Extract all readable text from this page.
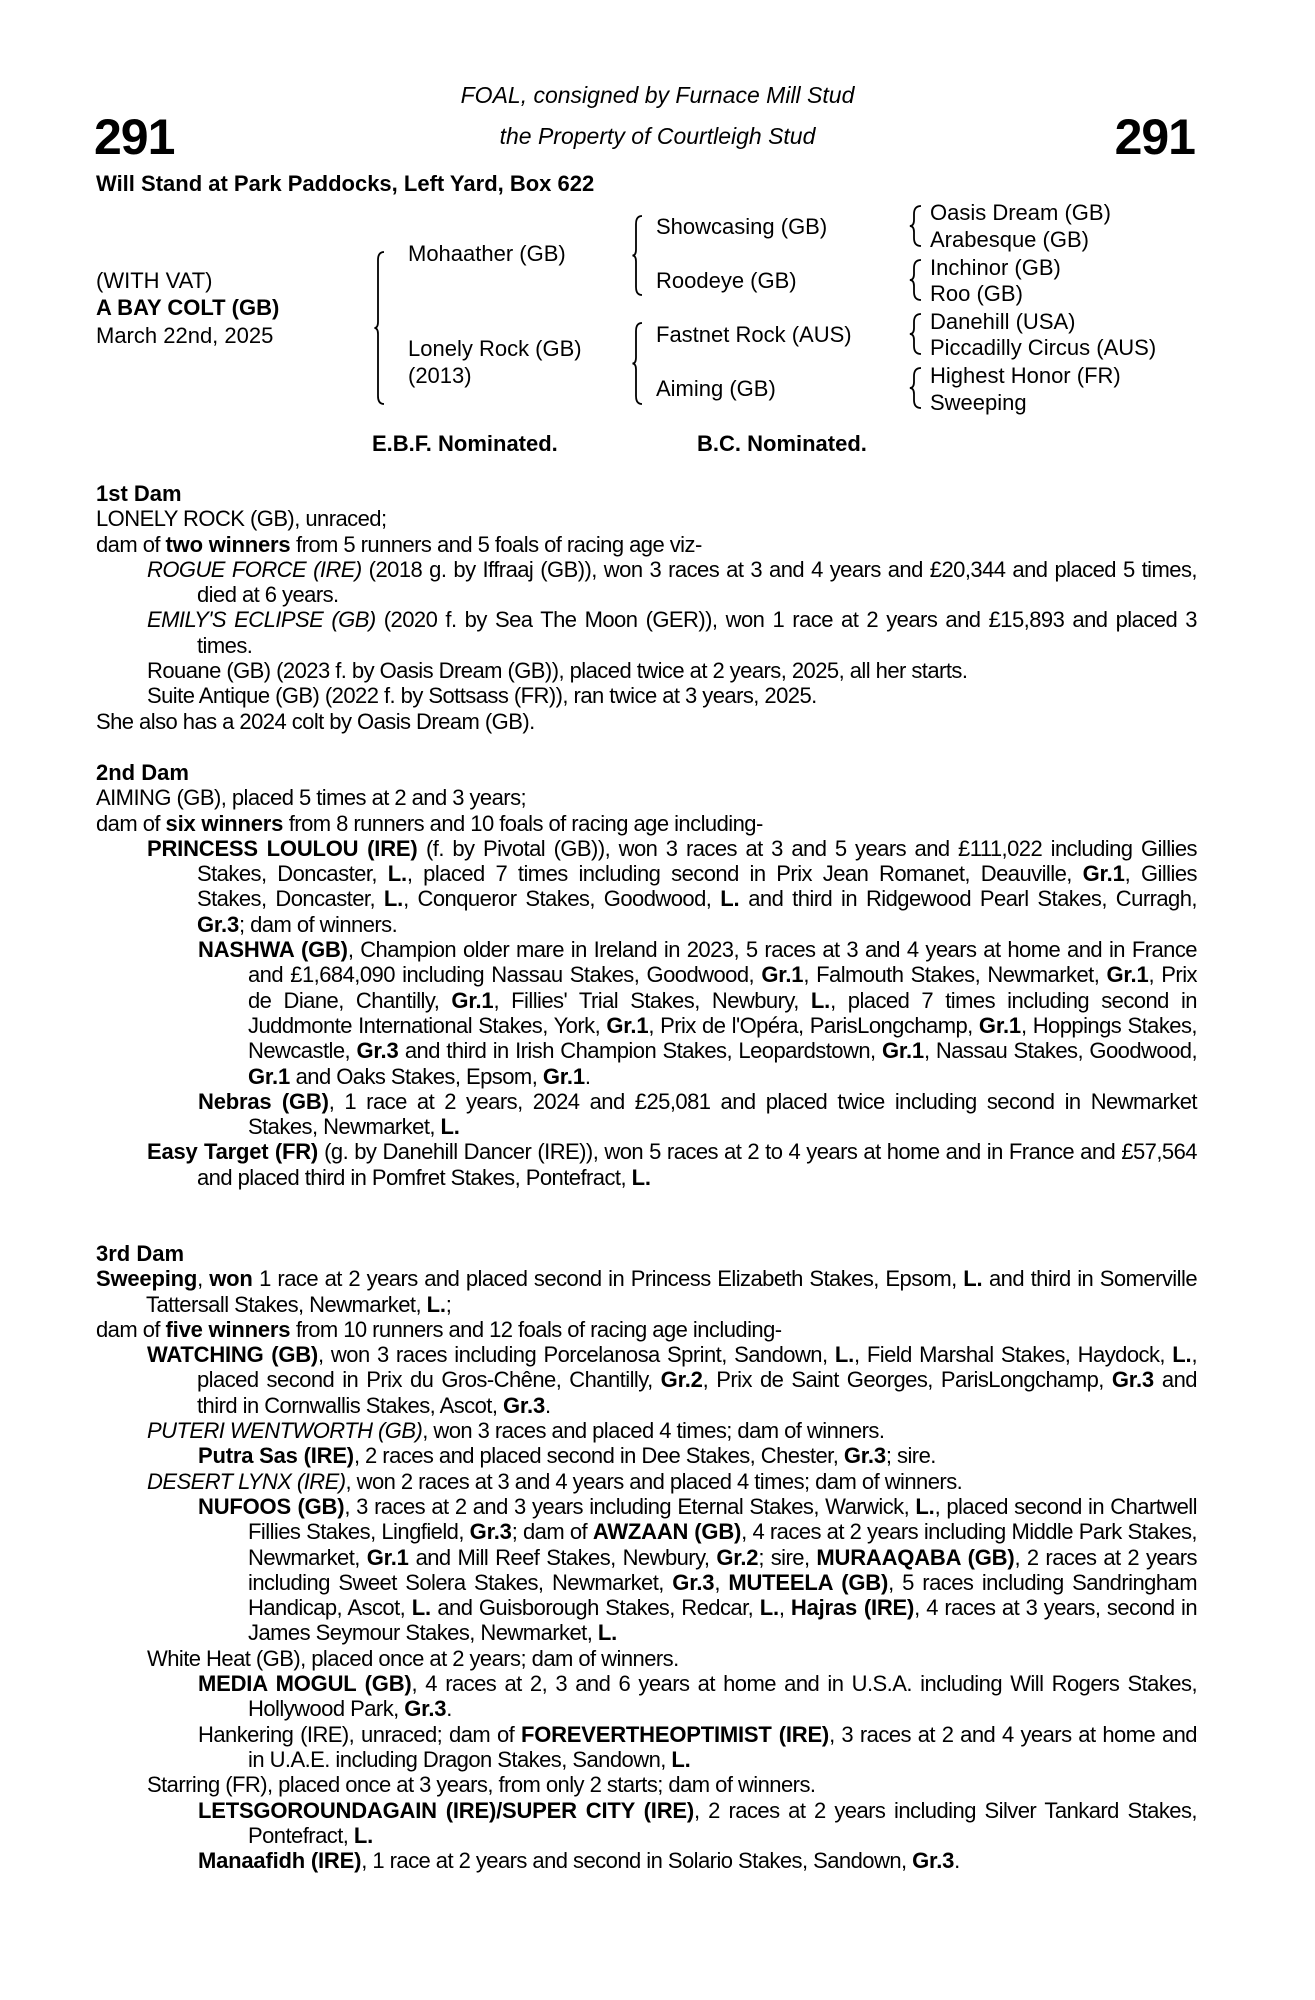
291	291
FOAL, consigned by Furnace Mill Stud
the Property of Courtleigh Stud
Will Stand at Park Paddocks, Left Yard, Box 622
(WITH VAT)
A BAY COLT (GB)
March 22nd, 2025
Mohaather (GB)
Lonely Rock (GB)
(2013)
Showcasing (GB)
Roodeye (GB)
Fastnet Rock (AUS)
Aiming (GB)
Oasis Dream (GB)
Arabesque (GB)
Inchinor (GB)
Roo (GB)
Danehill (USA)
Piccadilly Circus (AUS)
Highest Honor (FR)
Sweeping
E.B.F. Nominated.	B.C. Nominated.
1st Dam

LONELY ROCK (GB), unraced;

dam of two winners from 5 runners and 5 foals of racing age viz-

ROGUE FORCE (IRE) (2018 g. by Iffraaj (GB)), won 3 races at 3 and 4 years and £20,344 and placed 5 times, died at 6 years.

EMILY'S ECLIPSE (GB) (2020 f. by Sea The Moon (GER)), won 1 race at 2 years and £15,893 and placed 3 times.

Rouane (GB) (2023 f. by Oasis Dream (GB)), placed twice at 2 years, 2025, all her starts.

Suite Antique (GB) (2022 f. by Sottsass (FR)), ran twice at 3 years, 2025.

She also has a 2024 colt by Oasis Dream (GB).

2nd Dam

AIMING (GB), placed 5 times at 2 and 3 years;

dam of six winners from 8 runners and 10 foals of racing age including-

PRINCESS LOULOU (IRE) (f. by Pivotal (GB)), won 3 races at 3 and 5 years and £111,022 including Gillies Stakes, Doncaster, L., placed 7 times including second in Prix Jean Romanet, Deauville, Gr.1, Gillies Stakes, Doncaster, L., Conqueror Stakes, Goodwood, L. and third in Ridgewood Pearl Stakes, Curragh, Gr.3; dam of winners.

NASHWA (GB), Champion older mare in Ireland in 2023, 5 races at 3 and 4 years at home and in France and £1,684,090 including Nassau Stakes, Goodwood, Gr.1, Falmouth Stakes, Newmarket, Gr.1, Prix de Diane, Chantilly, Gr.1, Fillies' Trial Stakes, Newbury, L., placed 7 times including second in Juddmonte International Stakes, York, Gr.1, Prix de l'Opéra, ParisLongchamp, Gr.1, Hoppings Stakes, Newcastle, Gr.3 and third in Irish Champion Stakes, Leopardstown, Gr.1, Nassau Stakes, Goodwood, Gr.1 and Oaks Stakes, Epsom, Gr.1.

Nebras (GB), 1 race at 2 years, 2024 and £25,081 and placed twice including second in Newmarket Stakes, Newmarket, L.

Easy Target (FR) (g. by Danehill Dancer (IRE)), won 5 races at 2 to 4 years at home and in France and £57,564 and placed third in Pomfret Stakes, Pontefract, L.

3rd Dam

Sweeping, won 1 race at 2 years and placed second in Princess Elizabeth Stakes, Epsom, L. and third in Somerville Tattersall Stakes, Newmarket, L.;

dam of five winners from 10 runners and 12 foals of racing age including-

WATCHING (GB), won 3 races including Porcelanosa Sprint, Sandown, L., Field Marshal Stakes, Haydock, L., placed second in Prix du Gros-Chêne, Chantilly, Gr.2, Prix de Saint Georges, ParisLongchamp, Gr.3 and third in Cornwallis Stakes, Ascot, Gr.3.

PUTERI WENTWORTH (GB), won 3 races and placed 4 times; dam of winners.

Putra Sas (IRE), 2 races and placed second in Dee Stakes, Chester, Gr.3; sire.

DESERT LYNX (IRE), won 2 races at 3 and 4 years and placed 4 times; dam of winners.

NUFOOS (GB), 3 races at 2 and 3 years including Eternal Stakes, Warwick, L., placed second in Chartwell Fillies Stakes, Lingfield, Gr.3; dam of AWZAAN (GB), 4 races at 2 years including Middle Park Stakes, Newmarket, Gr.1 and Mill Reef Stakes, Newbury, Gr.2; sire, MURAAQABA (GB), 2 races at 2 years including Sweet Solera Stakes, Newmarket, Gr.3, MUTEELA (GB), 5 races including Sandringham Handicap, Ascot, L. and Guisborough Stakes, Redcar, L., Hajras (IRE), 4 races at 3 years, second in James Seymour Stakes, Newmarket, L.

White Heat (GB), placed once at 2 years; dam of winners.

MEDIA MOGUL (GB), 4 races at 2, 3 and 6 years at home and in U.S.A. including Will Rogers Stakes, Hollywood Park, Gr.3.

Hankering (IRE), unraced; dam of FOREVERTHEOPTIMIST (IRE), 3 races at 2 and 4 years at home and in U.A.E. including Dragon Stakes, Sandown, L.

Starring (FR), placed once at 3 years, from only 2 starts; dam of winners.

LETSGOROUNDAGAIN (IRE)/SUPER CITY (IRE), 2 races at 2 years including Silver Tankard Stakes, Pontefract, L.

Manaafidh (IRE), 1 race at 2 years and second in Solario Stakes, Sandown, Gr.3.
